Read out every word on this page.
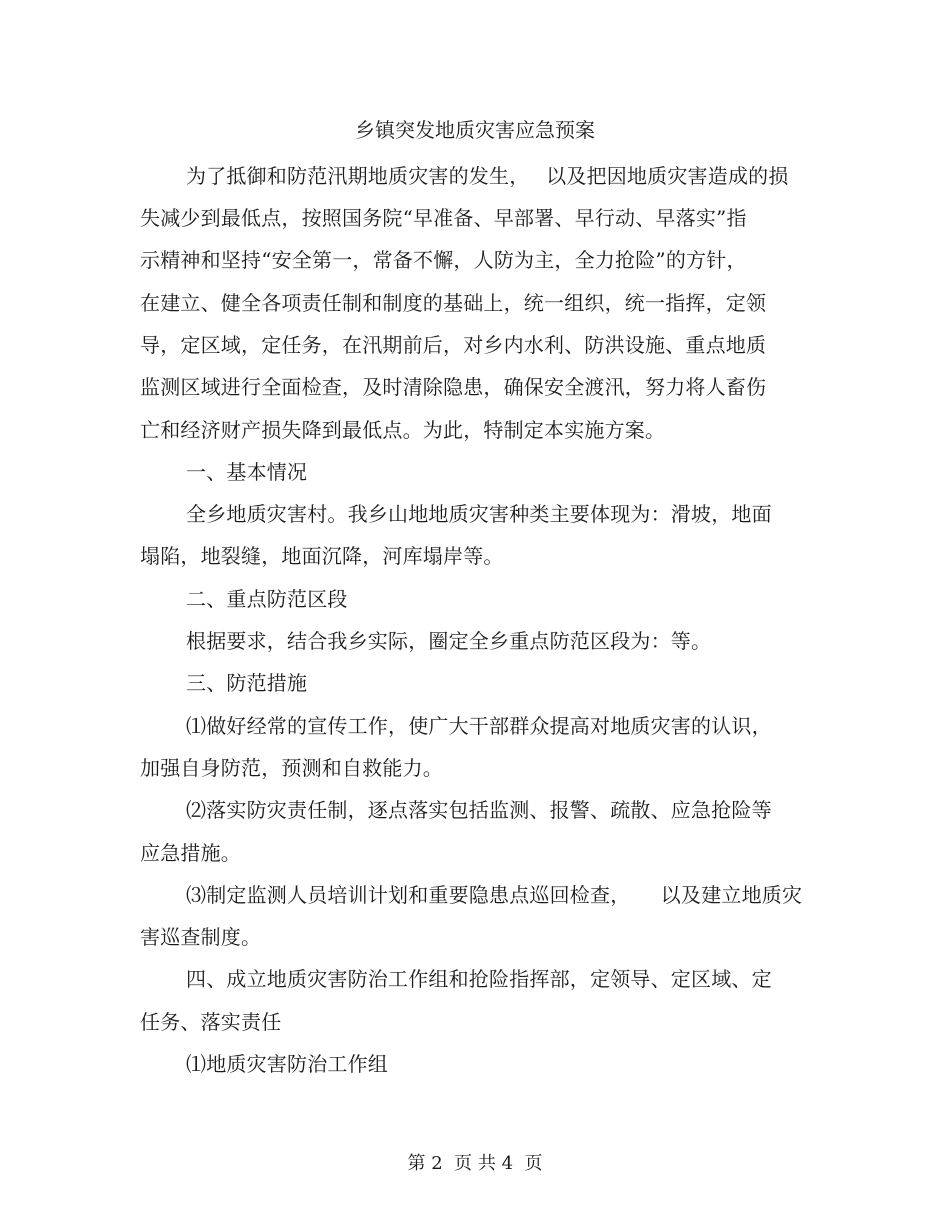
乡镇突发地质灾害应急预案
为了抵御和防范汛期地质灾害的发生，　 以及把因地质灾害造成的损
失减少到最低点，按照国务院“早准备、早部署、早行动、早落实”指
示精神和坚持“安全第一，常备不懈，人防为主，全力抢险”的方针，
在建立、健全各项责任制和制度的基础上，统一组织，统一指挥，定领
导，定区域，定任务，在汛期前后，对乡内水利、防洪设施、重点地质
监测区域进行全面检查，及时清除隐患，确保安全渡汛，努力将人畜伤
亡和经济财产损失降到最低点。为此，特制定本实施方案。
一、基本情况
全乡地质灾害村。我乡山地地质灾害种类主要体现为：滑坡，地面
塌陷，地裂缝，地面沉降，河库塌岸等。
二、重点防范区段
根据要求，结合我乡实际，圈定全乡重点防范区段为：等。
三、防范措施
⑴做好经常的宣传工作，使广大干部群众提高对地质灾害的认识，
加强自身防范，预测和自救能力。
⑵落实防灾责任制，逐点落实包括监测、报警、疏散、应急抢险等
应急措施。
⑶制定监测人员培训计划和重要隐患点巡回检查，　　以及建立地质灾
害巡查制度。
四、成立地质灾害防治工作组和抢险指挥部，定领导、定区域、定
任务、落实责任
⑴地质灾害防治工作组
第 2  页 共 4  页
